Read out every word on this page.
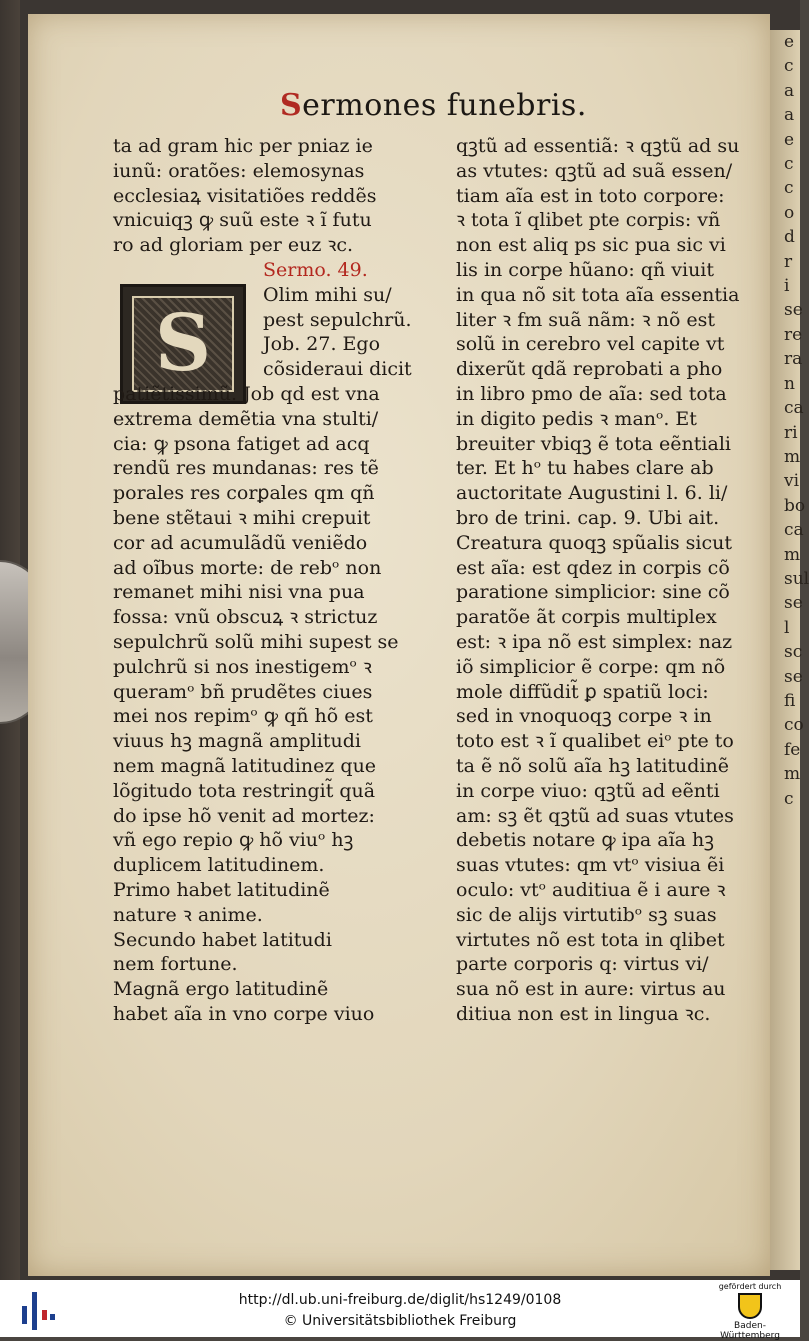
e
c
a
a
e
c
c
o
d
r
i
se
re
ra
n
ca
ri
m
vi
bo
ca
m
sul
se
l
sc
se
fi
co
fe
m
c
Sermones funebris.
S
ta ad gram hic per pniaz ie
iunũ: oratões: elemosynas
ecclesiaꝝ visitatiões reddẽs
vnicuiqꝫ ꝙ suũ este ꝛ ĩ futu
ro ad gloriam per euz ꝛc.
Sermo. 49.
Olim mihi su/
pest sepulchrũ.
Job. 27. Ego
cõsideraui dicit
patiẽtissimũ. Job qd est vna
extrema demẽtia vna stulti/
cia: ꝙ psona fatiget ad acq
rendũ res mundanas: res tẽ
porales res corꝑales qm qñ
bene stẽtaui ꝛ mihi crepuit
cor ad acumulãdũ veniẽdo
ad oĩbus morte: de rebᵒ non
remanet mihi nisi vna pua
fossa: vnũ obscuꝝ ꝛ strictuz
sepulchrũ solũ mihi supest se
pulchrũ si nos inestigemᵒ ꝛ
queramᵒ bñ prudẽtes ciues
mei nos repimᵒ ꝙ qñ hõ est
viuus hꝫ magnã amplitudi
nem magnã latitudinez que
lõgitudo tota restringit̃ quã
do ipse hõ venit ad mortez:
vñ ego repio ꝙ hõ viuᵒ hꝫ
duplicem latitudinem.
Primo habet latitudinẽ
nature ꝛ anime.
Secundo habet latitudi
nem fortune.
Magnã ergo latitudinẽ
habet aĩa in vno corpe viuo
qꝫtũ ad essentiã: ꝛ qꝫtũ ad su
as vtutes: qꝫtũ ad suã essen/
tiam aĩa est in toto corpore:
ꝛ tota ĩ qlibet pte corpis: vñ
non est aliq ps sic pua sic vi
lis in corpe hũano: qñ viuit
in qua nõ sit tota aĩa essentia
liter ꝛ fm suã nãm: ꝛ nõ est
solũ in cerebro vel capite vt
dixerũt qdã reprobati a pho
in libro pmo de aĩa: sed tota
in digito pedis ꝛ manᵒ. Et
breuiter vbiqꝫ ẽ tota eẽntiali
ter. Et hᵒ tu habes clare ab
auctoritate Augustini l. 6. li/
bro de trini. cap. 9. Ubi ait.
Creatura quoqꝫ spũalis sicut
est aĩa: est qdez in corpis cõ
paratione simplicior: sine cõ
paratõe ãt corpis multiplex
est: ꝛ ipa nõ est simplex: naz
iõ simplicior ẽ corpe: qm nõ
mole diffũdit̃ ꝑ spatiũ loci:
sed in vnoquoqꝫ corpe ꝛ in
toto est ꝛ ĩ qualibet eiᵒ pte to
ta ẽ nõ solũ aĩa hꝫ latitudinẽ
in corpe viuo: qꝫtũ ad eẽnti
am: sꝫ ẽt qꝫtũ ad suas vtutes
debetis notare ꝙ ipa aĩa hꝫ
suas vtutes: qm vtᵒ visiua ẽi
oculo: vtᵒ auditiua ẽ i aure ꝛ
sic de alijs virtutibᵒ sꝫ suas
virtutes nõ est tota in qlibet
parte corporis q: virtus vi/
sua nõ est in aure: virtus au
ditiua non est in lingua ꝛc.
http://dl.ub.uni-freiburg.de/diglit/hs1249/0108
© Universitätsbibliothek Freiburg
gefördert durch
Baden-Württemberg
